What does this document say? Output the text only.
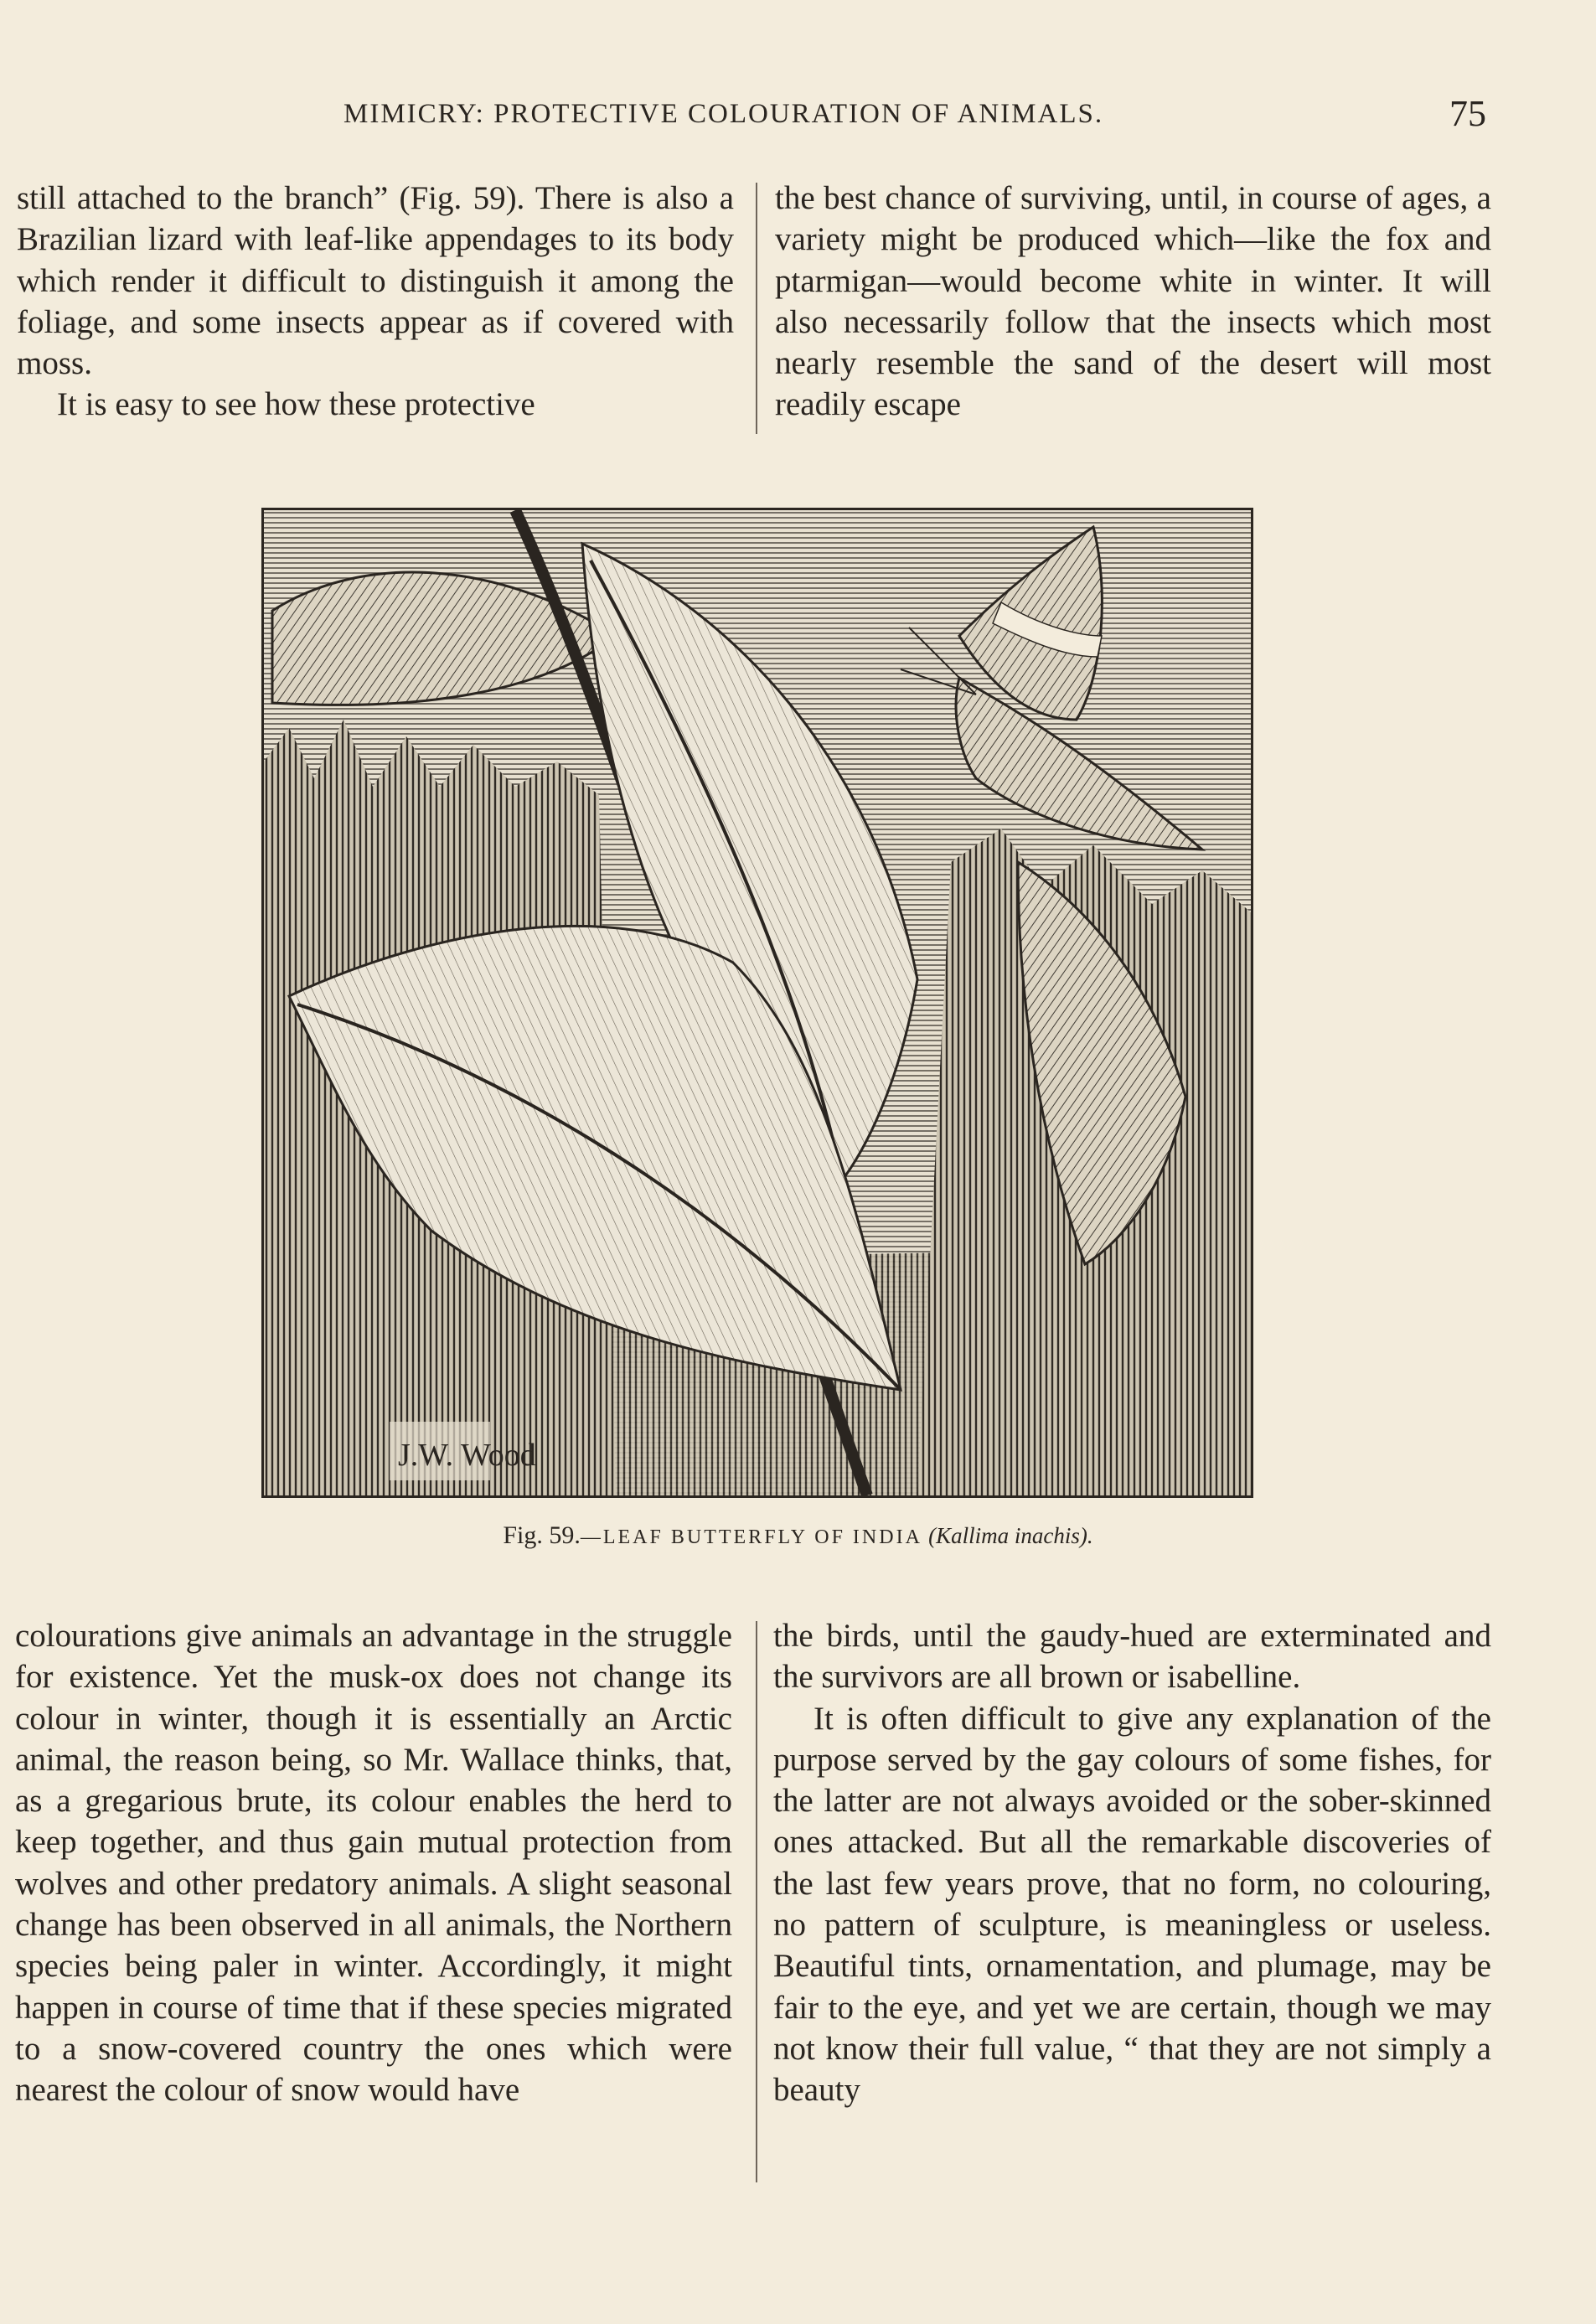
MIMICRY: PROTECTIVE COLOURATION OF ANIMALS.	75

still attached to the branch” (Fig. 59). There is also a Brazilian lizard with leaf-like appendages to its body which render it difficult to distinguish it among the foliage, and some insects appear as if covered with moss.

It is easy to see how these protective

the best chance of surviving, until, in course of ages, a variety might be produced which—like the fox and ptarmigan—would become white in winter. It will also necessarily follow that the insects which most nearly resemble the sand of the desert will most readily escape

J.W. Wood
Fig. 59.—LEAF BUTTERFLY OF INDIA (Kallima inachis).

colourations give animals an advantage in the struggle for existence. Yet the musk-ox does not change its colour in winter, though it is essentially an Arctic animal, the reason being, so Mr. Wallace thinks, that, as a gregarious brute, its colour enables the herd to keep together, and thus gain mutual protection from wolves and other predatory animals. A slight seasonal change has been observed in all animals, the Northern species being paler in winter. Accordingly, it might happen in course of time that if these species migrated to a snow-covered country the ones which were nearest the colour of snow would have

the birds, until the gaudy-hued are exterminated and the survivors are all brown or isabelline.

It is often difficult to give any explanation of the purpose served by the gay colours of some fishes, for the latter are not always avoided or the sober-skinned ones attacked. But all the remarkable discoveries of the last few years prove, that no form, no colouring, no pattern of sculpture, is meaningless or useless. Beautiful tints, ornamentation, and plumage, may be fair to the eye, and yet we are certain, though we may not know their full value, “ that they are not simply a beauty
